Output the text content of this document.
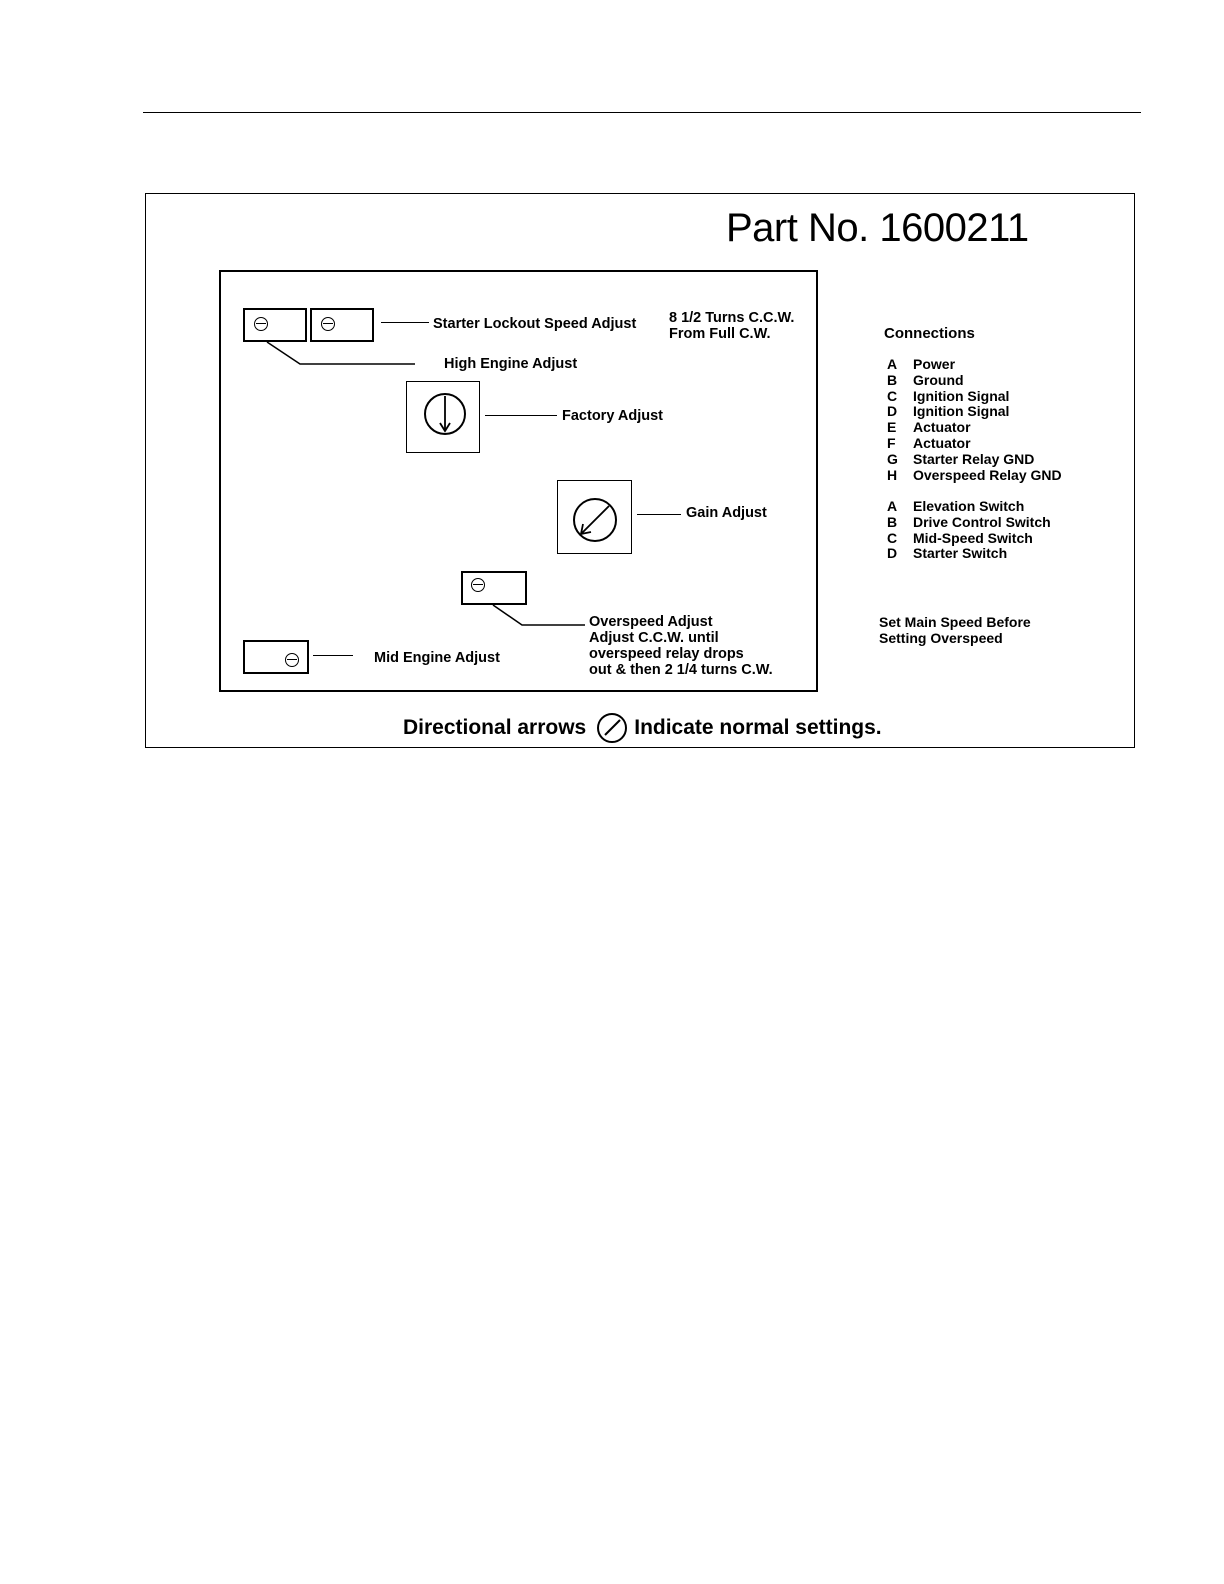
Part No. 1600211
Starter Lockout Speed Adjust 8 1/2 Turns C.C.W.
From Full C.W.
High Engine Adjust
Factory Adjust
Gain Adjust
Overspeed Adjust
Adjust C.C.W. until
overspeed relay drops
out & then 2 1/4 turns C.W.
Mid Engine Adjust
Connections
A Power
B Ground
C Ignition Signal
D Ignition Signal
E Actuator
F Actuator
G Starter Relay GND
H Overspeed Relay GND
A Elevation Switch
B Drive Control Switch
C Mid-Speed Switch
D Starter Switch
Set Main Speed Before
Setting Overspeed
Directional arrows Indicate normal settings.
